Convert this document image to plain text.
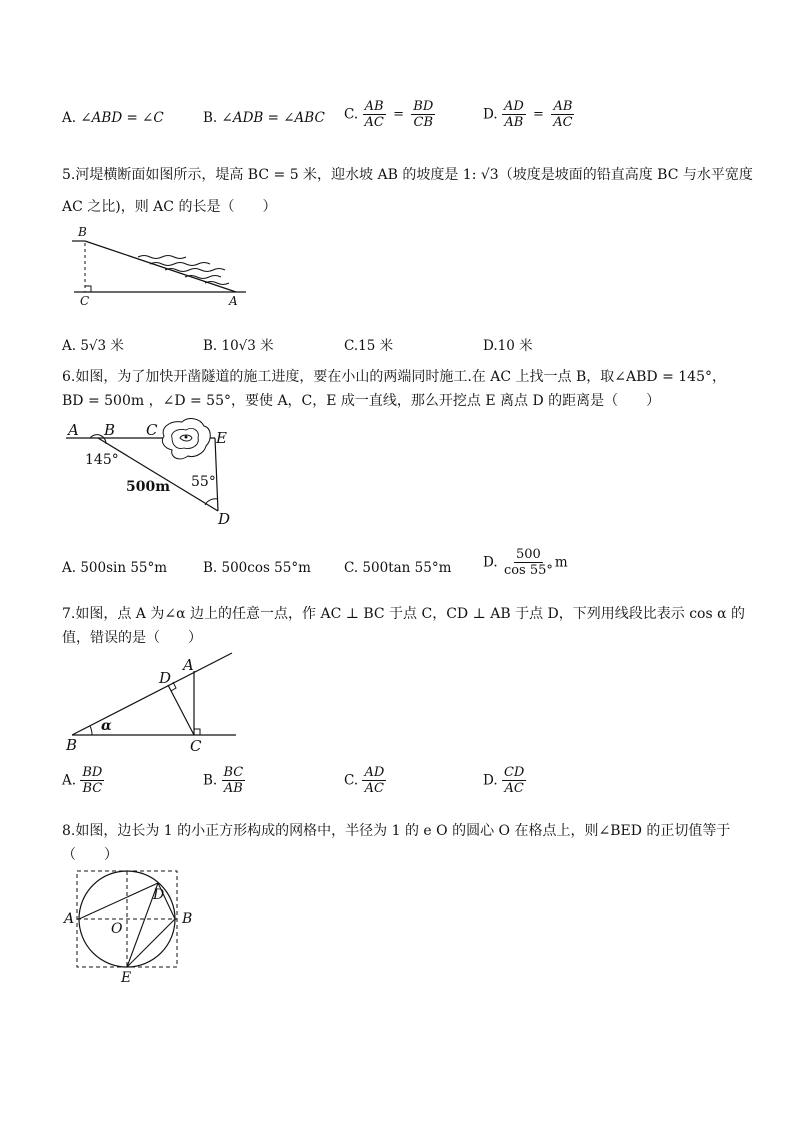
A. ∠ABD = ∠C	B. ∠ADB = ∠ABC C. $\frac{AB}{AC} = \frac{BD}{CB}$	D. $\frac{AD}{AB} = \frac{AB}{AC}$
5.河堤横断面如图所示，堤高 BC = 5 米，迎水坡 AB 的坡度是 1: √3（坡度是坡面的铅直高度 BC 与水平宽度
AC 之比)，则 AC 的长是（　　）
B
C	A
A. 5√3 米	B. 10√3 米	C.15 米	D.10 米
6.如图，为了加快开凿隧道的施工进度，要在小山的两端同时施工.在 AC 上找一点 B，取∠ABD = 145°，
BD = 500m ，∠D = 55°，要使 A，C，E 成一直线，那么开挖点 E 离点 D 的距离是（　　）
A B C	E
D
145°
500m 55°
A. 500sin 55°m	B. 500cos 55°m C. 500tan 55°m D. $\frac{500}{\cos 55^\circ}$ m
7.如图，点 A 为∠α 边上的任意一点，作 AC ⊥ BC 于点 C，CD ⊥ AB 于点 D，下列用线段比表示 cos α 的
值，错误的是（　　）
A
D
B	C
α
A. $\frac{BD}{BC}$	B. $\frac{BC}{AB}$	C. $\frac{AD}{AC}$	D. $\frac{CD}{AC}$
8.如图，边长为 1 的小正方形构成的网格中，半径为 1 的 e O 的圆心 O 在格点上，则∠BED 的正切值等于
（　　）
A	B
D
O
E
